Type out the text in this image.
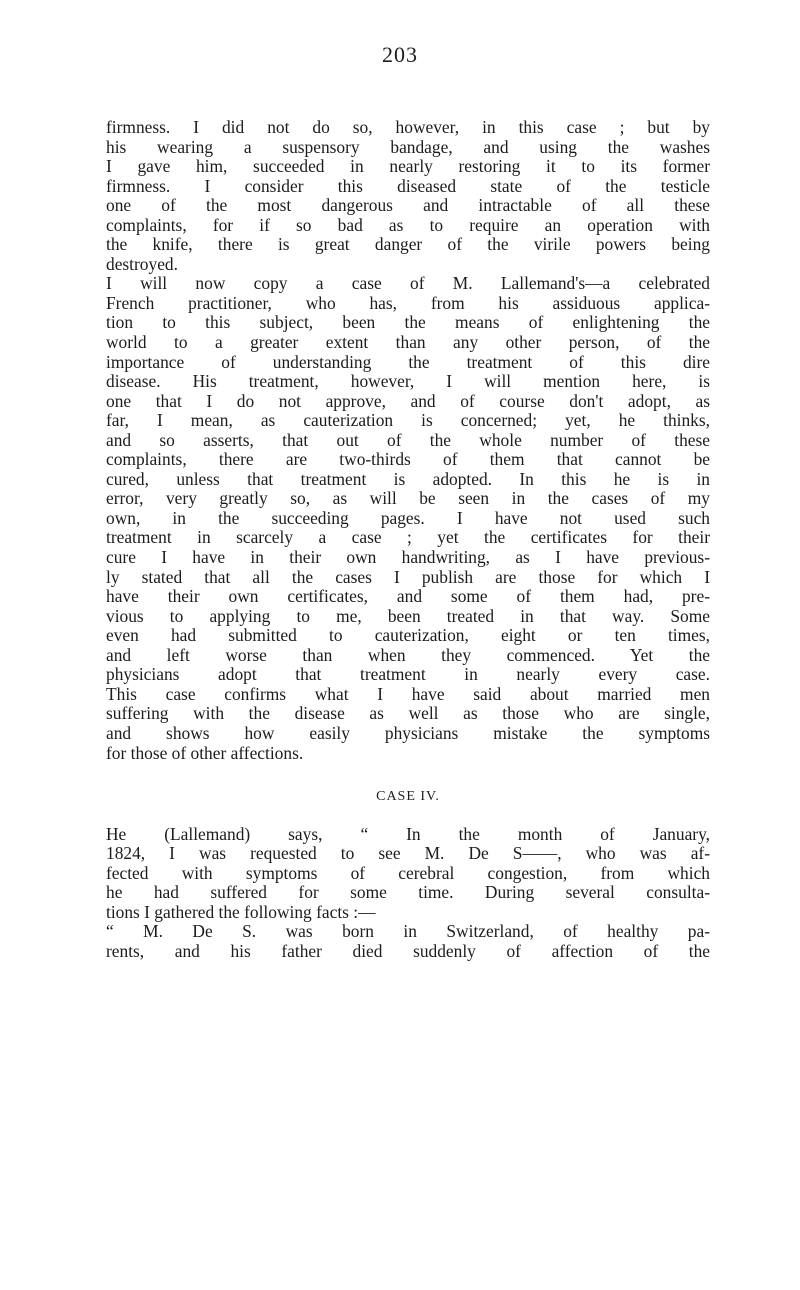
203
firmness. I did not do so, however, in this case ; but by
his wearing a suspensory bandage, and using the washes
I gave him, succeeded in nearly restoring it to its former
firmness. I consider this diseased state of the testicle
one of the most dangerous and intractable of all these
complaints, for if so bad as to require an operation with
the knife, there is great danger of the virile powers being
destroyed.
I will now copy a case of M. Lallemand's—a celebrated
French practitioner, who has, from his assiduous applica-
tion to this subject, been the means of enlightening the
world to a greater extent than any other person, of the
importance of understanding the treatment of this dire
disease. His treatment, however, I will mention here, is
one that I do not approve, and of course don't adopt, as
far, I mean, as cauterization is concerned; yet, he thinks,
and so asserts, that out of the whole number of these
complaints, there are two-thirds of them that cannot be
cured, unless that treatment is adopted. In this he is in
error, very greatly so, as will be seen in the cases of my
own, in the succeeding pages. I have not used such
treatment in scarcely a case ; yet the certificates for their
cure I have in their own handwriting, as I have previous-
ly stated that all the cases I publish are those for which I
have their own certificates, and some of them had, pre-
vious to applying to me, been treated in that way. Some
even had submitted to cauterization, eight or ten times,
and left worse than when they commenced. Yet the
physicians adopt that treatment in nearly every case.
This case confirms what I have said about married men
suffering with the disease as well as those who are single,
and shows how easily physicians mistake the symptoms
for those of other affections.
CASE IV.
He (Lallemand) says, “ In the month of January,
1824, I was requested to see M. De S——, who was af-
fected with symptoms of cerebral congestion, from which
he had suffered for some time. During several consulta-
tions I gathered the following facts :—
“ M. De S. was born in Switzerland, of healthy pa-
rents, and his father died suddenly of affection of the
